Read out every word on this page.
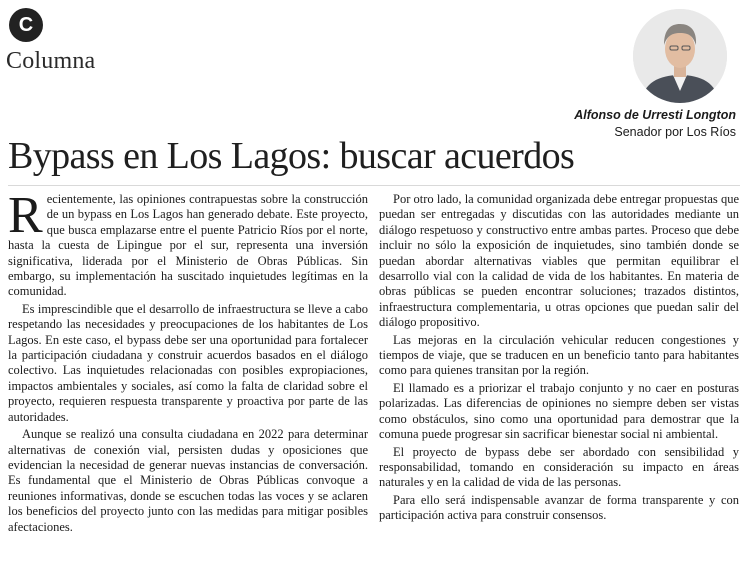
C
Columna
Alfonso de Urresti Longton
Senador por Los Ríos
Bypass en Los Lagos: buscar acuerdos

Recientemente, las opiniones contrapuestas sobre la construcción de un bypass en Los Lagos han generado debate. Este proyecto, que busca emplazarse entre el puente Patricio Ríos por el norte, hasta la cuesta de Lipingue por el sur, representa una inversión significativa, liderada por el Ministerio de Obras Públicas. Sin embargo, su implementación ha suscitado inquietudes legítimas en la comunidad.

Es imprescindible que el desarrollo de infraestructura se lleve a cabo respetando las necesidades y preocupaciones de los habitantes de Los Lagos. En este caso, el bypass debe ser una oportunidad para fortalecer la participación ciudadana y construir acuerdos basados en el diálogo colectivo. Las inquietudes relacionadas con posibles expropiaciones, impactos ambientales y sociales, así como la falta de claridad sobre el proyecto, requieren respuesta transparente y proactiva por parte de las autoridades.

Aunque se realizó una consulta ciudadana en 2022 para determinar alternativas de conexión vial, persisten dudas y oposiciones que evidencian la necesidad de generar nuevas instancias de conversación. Es fundamental que el Ministerio de Obras Públicas convoque a reuniones informativas, donde se escuchen todas las voces y se aclaren los beneficios del proyecto junto con las medidas para mitigar posibles afectaciones.

Por otro lado, la comunidad organizada debe entregar propuestas que puedan ser entregadas y discutidas con las autoridades mediante un diálogo respetuoso y constructivo entre ambas partes. Proceso que debe incluir no sólo la exposición de inquietudes, sino también donde se puedan abordar alternativas viables que permitan equilibrar el desarrollo vial con la calidad de vida de los habitantes. En materia de obras públicas se pueden encontrar soluciones; trazados distintos, infraestructura complementaria, u otras opciones que puedan salir del diálogo propositivo.

Las mejoras en la circulación vehicular reducen congestiones y tiempos de viaje, que se traducen en un beneficio tanto para habitantes como para quienes transitan por la región.

El llamado es a priorizar el trabajo conjunto y no caer en posturas polarizadas. Las diferencias de opiniones no siempre deben ser vistas como obstáculos, sino como una oportunidad para demostrar que la comuna puede progresar sin sacrificar bienestar social ni ambiental.

El proyecto de bypass debe ser abordado con sensibilidad y responsabilidad, tomando en consideración su impacto en áreas naturales y en la calidad de vida de las personas.

Para ello será indispensable avanzar de forma transparente y con participación activa para construir consensos.
